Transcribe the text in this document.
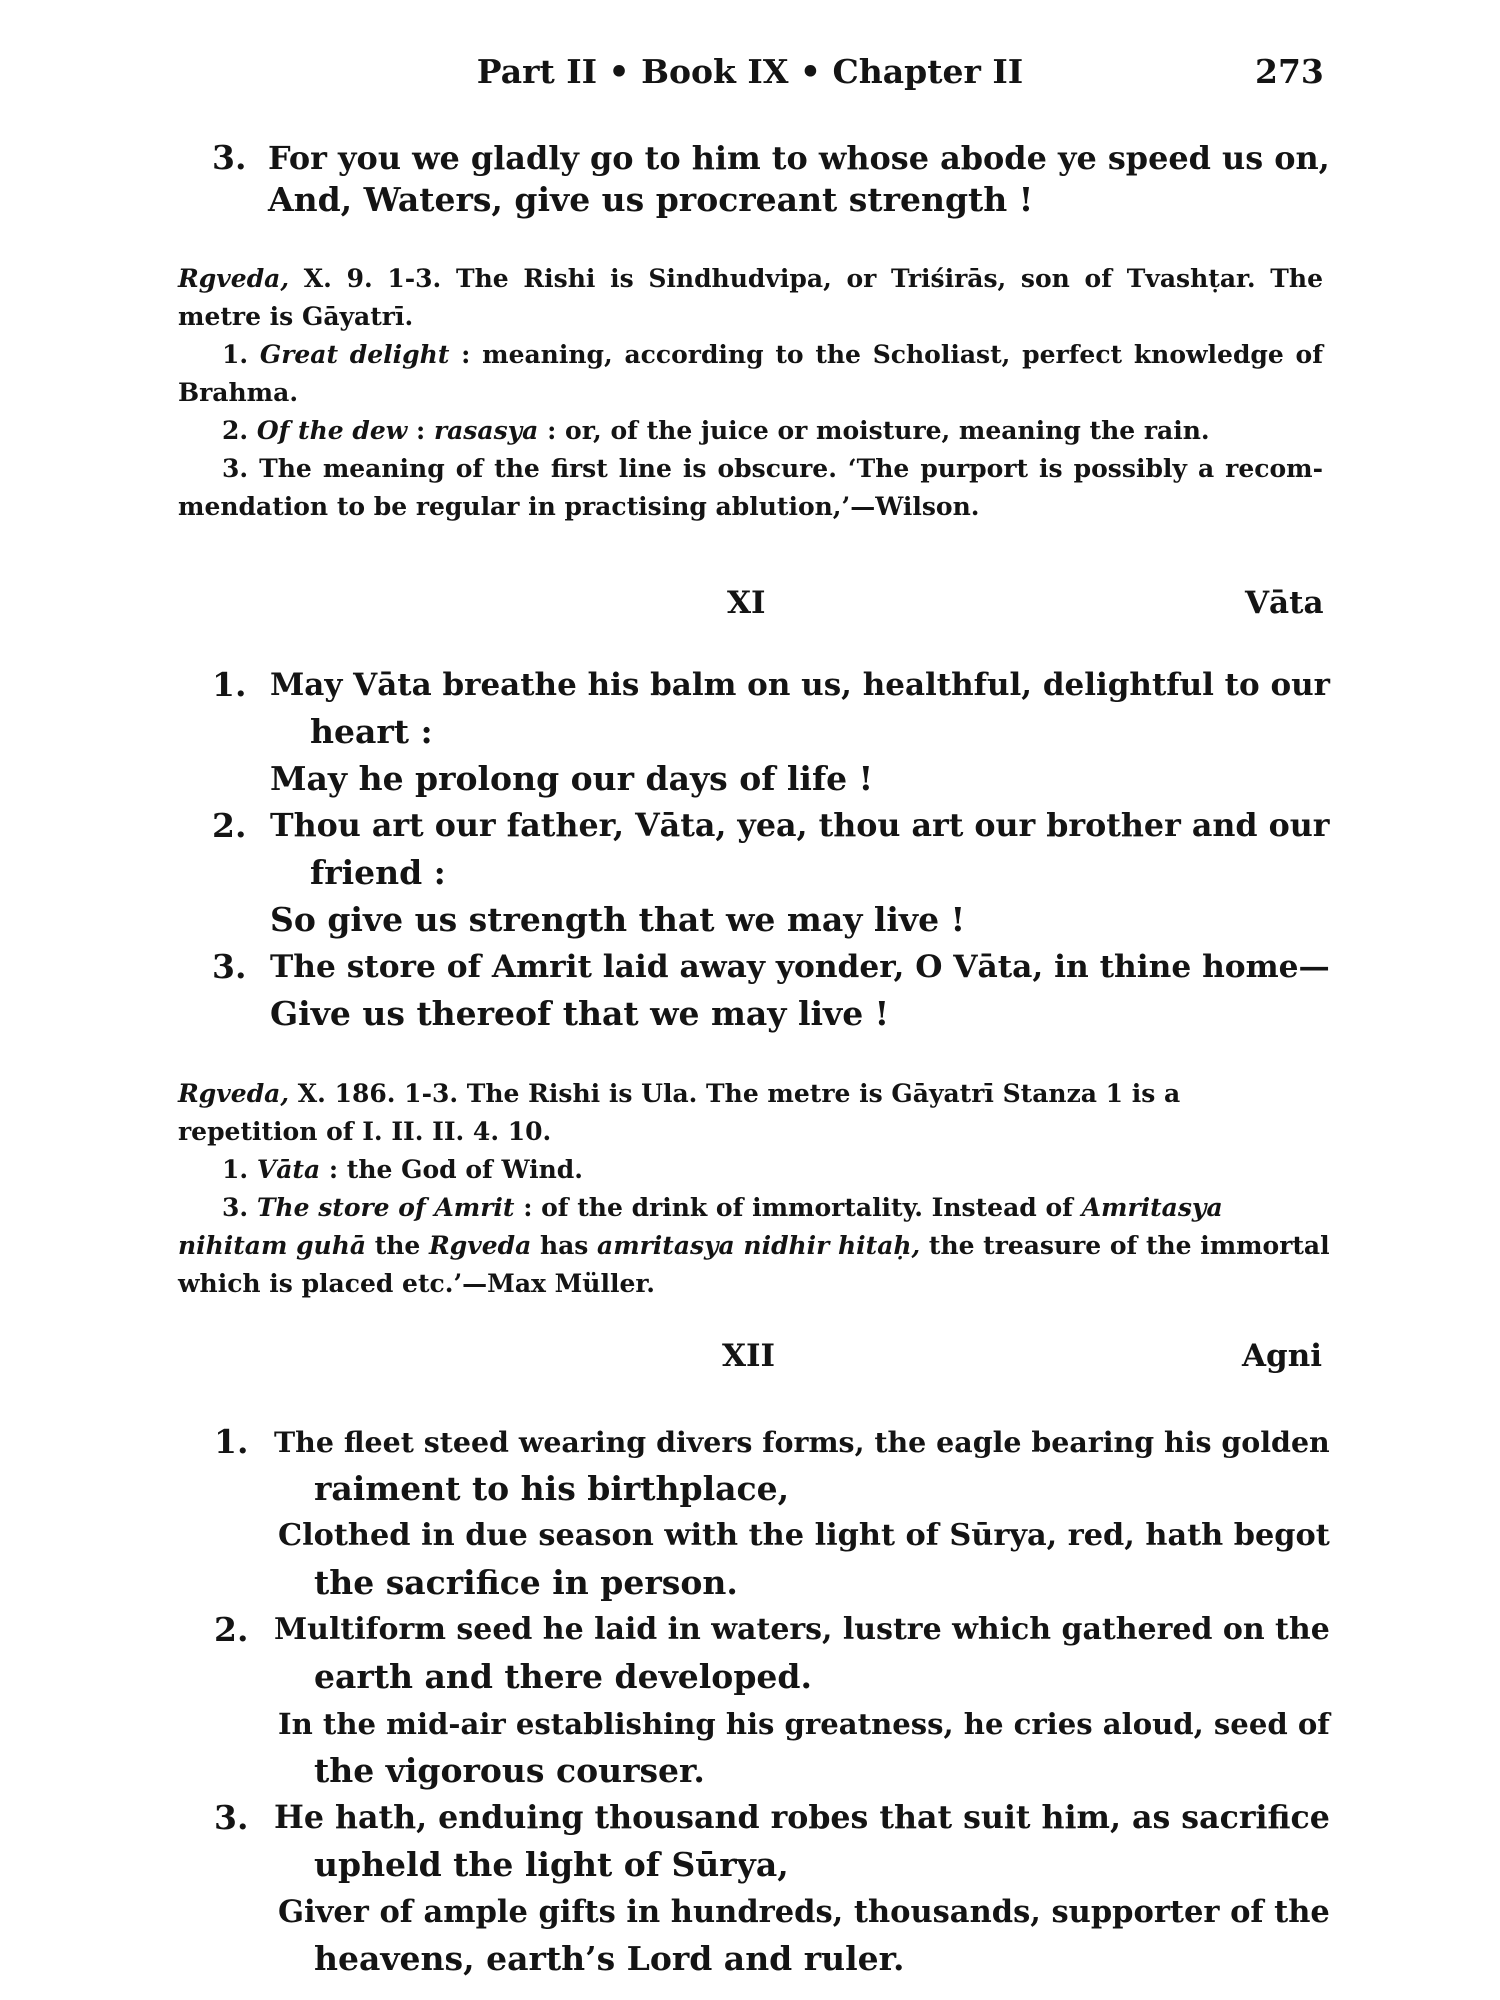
Part II • Book IX • Chapter II	273
3. For you we gladly go to him to whose abode ye speed us on,
And, Waters, give us procreant strength !
Rgveda, X. 9. 1-3. The Rishi is Sindhudvipa, or Triśirās, son of Tvashṭar. The
metre is Gāyatrī.
1. Great delight : meaning, according to the Scholiast, perfect knowledge of
Brahma.
2. Of the dew : rasasya : or, of the juice or moisture, meaning the rain.
3. The meaning of the first line is obscure. ‘The purport is possibly a recom-
mendation to be regular in practising ablution,’—Wilson.
XI	Vāta
1. May Vāta breathe his balm on us, healthful, delightful to our
heart :
May he prolong our days of life !
2. Thou art our father, Vāta, yea, thou art our brother and our
friend :
So give us strength that we may live !
3. The store of Amrit laid away yonder, O Vāta, in thine home—
Give us thereof that we may live !
Rgveda, X. 186. 1-3. The Rishi is Ula. The metre is Gāyatrī Stanza 1 is a
repetition of I. II. II. 4. 10.
1. Vāta : the God of Wind.
3. The store of Amrit : of the drink of immortality. Instead of Amritasya
nihitam guhā the Rgveda has amritasya nidhir hitaḥ, the treasure of the immortal
which is placed etc.’—Max Müller.
XII	Agni
1. The fleet steed wearing divers forms, the eagle bearing his golden
raiment to his birthplace,
Clothed in due season with the light of Sūrya, red, hath begot
the sacrifice in person.
2. Multiform seed he laid in waters, lustre which gathered on the
earth and there developed.
In the mid-air establishing his greatness, he cries aloud, seed of
the vigorous courser.
3. He hath, enduing thousand robes that suit him, as sacrifice
upheld the light of Sūrya,
Giver of ample gifts in hundreds, thousands, supporter of the
heavens, earth’s Lord and ruler.
